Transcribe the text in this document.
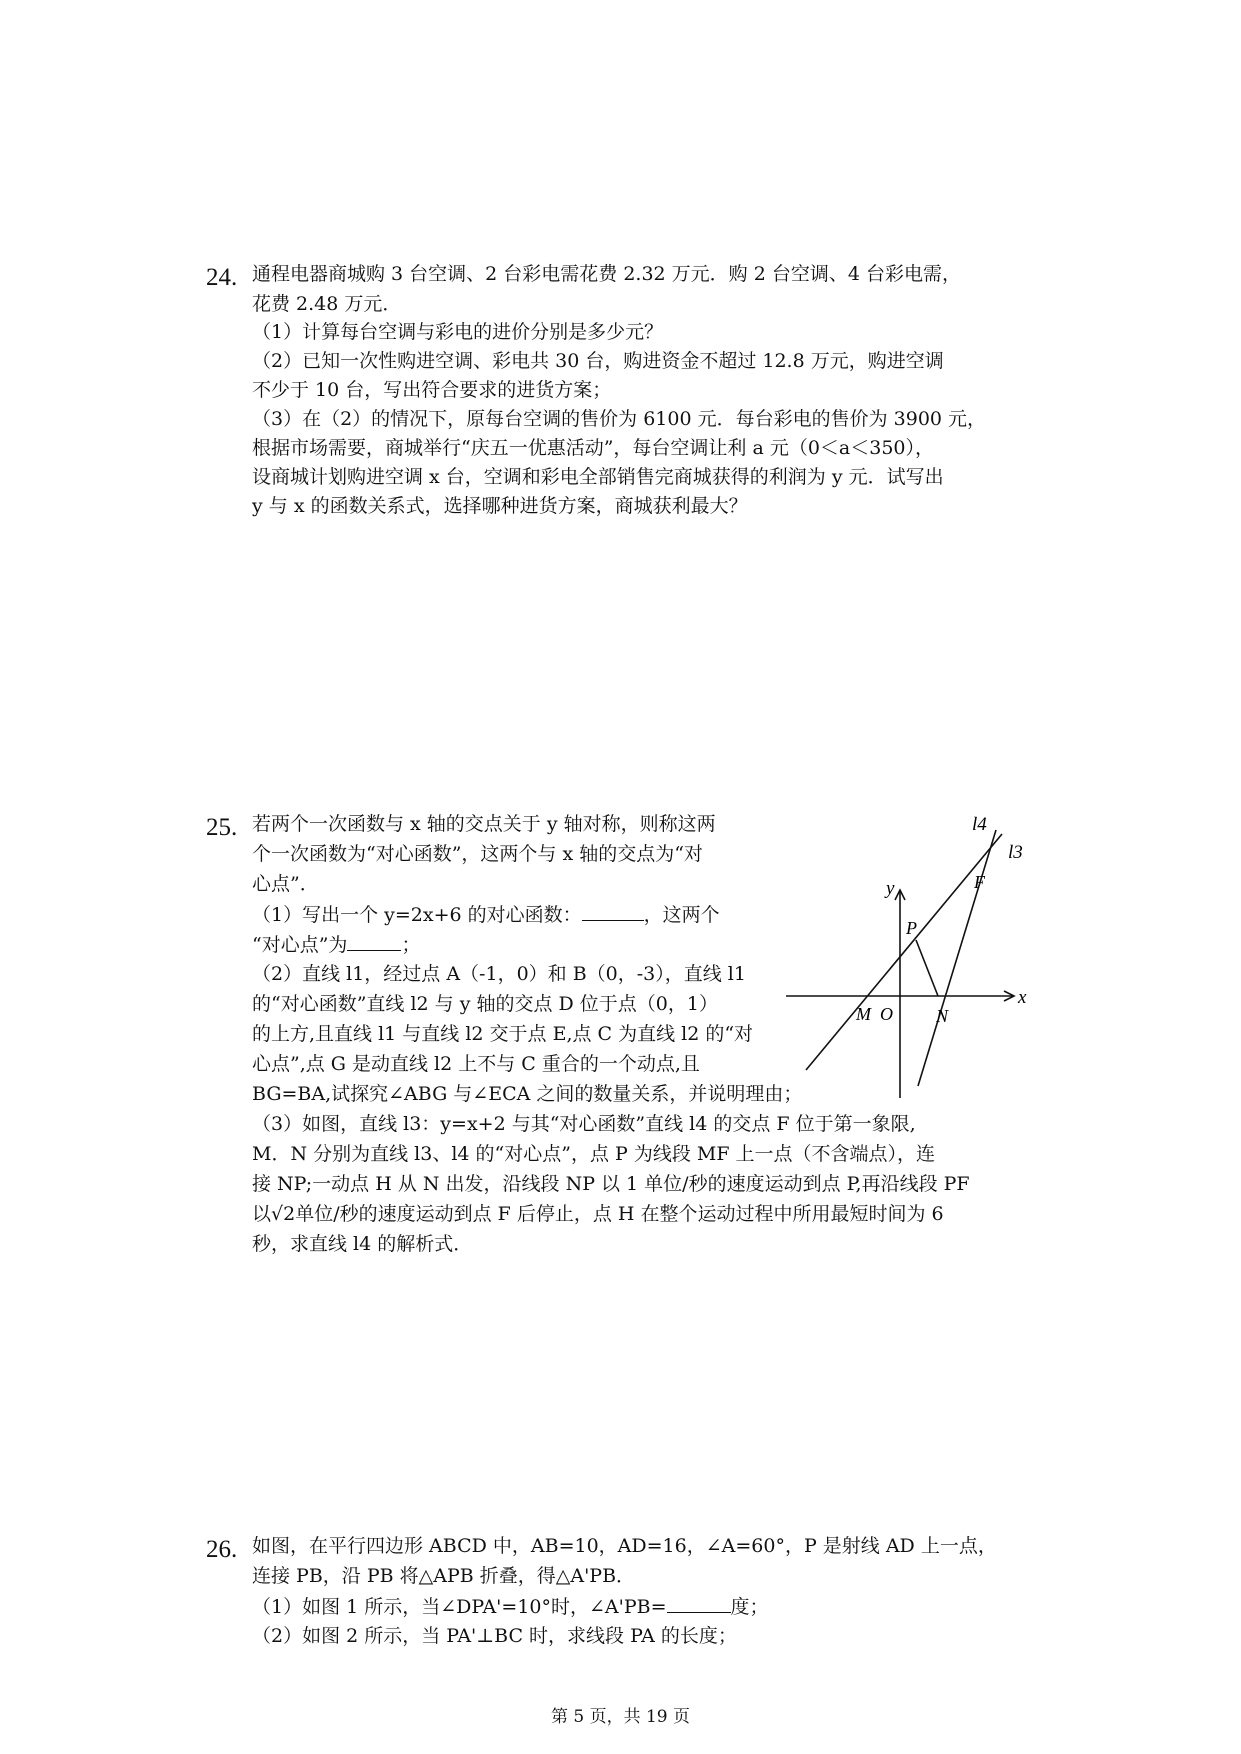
24. 通程电器商城购 3 台空调、2 台彩电需花费 2.32 万元．购 2 台空调、4 台彩电需，
花费 2.48 万元．
（1）计算每台空调与彩电的进价分别是多少元？
（2）已知一次性购进空调、彩电共 30 台，购进资金不超过 12.8 万元，购进空调
不少于 10 台，写出符合要求的进货方案；
（3）在（2）的情况下，原每台空调的售价为 6100 元．每台彩电的售价为 3900 元，
根据市场需要，商城举行“庆五一优惠活动”，每台空调让利 a 元（0＜a＜350），
设商城计划购进空调 x 台，空调和彩电全部销售完商城获得的利润为 y 元．试写出
y 与 x 的函数关系式，选择哪种进货方案，商城获利最大？
25. 若两个一次函数与 x 轴的交点关于 y 轴对称，则称这两
个一次函数为“对心函数”，这两个与 x 轴的交点为“对
心点”．
（1）写出一个 y=2x+6 的对心函数：	，这两个
“对心点”为	；
（2）直线 l1，经过点 A（-1，0）和 B（0，-3），直线 l1
的“对心函数”直线 l2 与 y 轴的交点 D 位于点（0，1）
的上方,且直线 l1 与直线 l2 交于点 E,点 C 为直线 l2 的“对
心点”,点 G 是动直线 l2 上不与 C 重合的一个动点,且
BG=BA,试探究∠ABG 与∠ECA 之间的数量关系，并说明理由；
（3）如图，直线 l3：y=x+2 与其“对心函数”直线 l4 的交点 F 位于第一象限,
M．N 分别为直线 l3、l4 的“对心点”，点 P 为线段 MF 上一点（不含端点），连
接 NP;一动点 H 从 N 出发，沿线段 NP 以 1 单位/秒的速度运动到点 P,再沿线段 PF
以√2单位/秒的速度运动到点 F 后停止，点 H 在整个运动过程中所用最短时间为 6
秒，求直线 l4 的解析式．
l4
l3
F
y
P
x
M O N
26. 如图，在平行四边形 ABCD 中，AB=10，AD=16，∠A=60°，P 是射线 AD 上一点，
连接 PB，沿 PB 将△APB 折叠，得△A'PB．
（1）如图 1 所示，当∠DPA'=10°时，∠A'PB=	度；
（2）如图 2 所示，当 PA'⊥BC 时，求线段 PA 的长度；
第 5 页，共 19 页
